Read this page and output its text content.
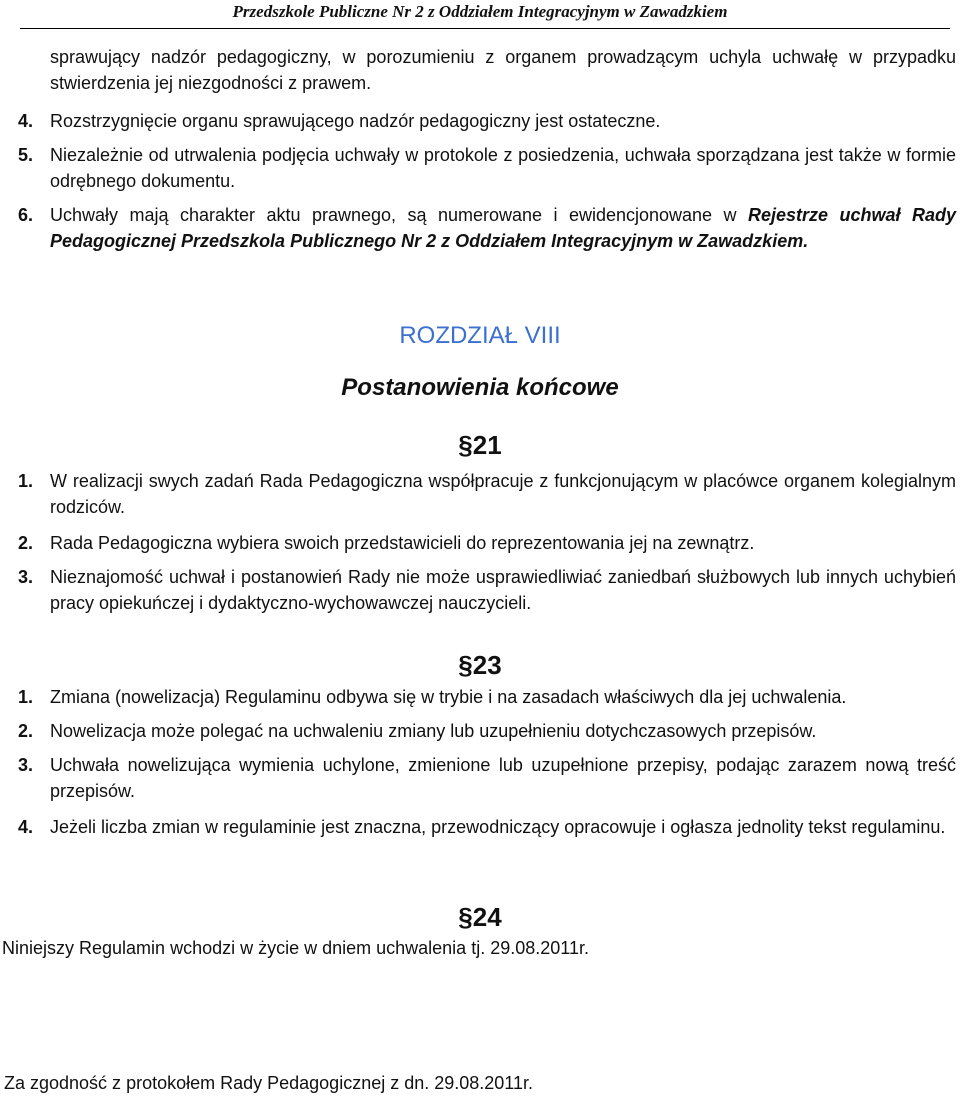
Przedszkole Publiczne Nr 2 z Oddziałem Integracyjnym w Zawadzkiem
sprawujący nadzór pedagogiczny, w porozumieniu z organem prowadzącym uchyla uchwałę w przypadku stwierdzenia jej niezgodności z prawem.
4. Rozstrzygnięcie organu sprawującego nadzór pedagogiczny jest ostateczne.
5. Niezależnie od utrwalenia podjęcia uchwały w protokole z posiedzenia, uchwała sporządzana jest także w formie odrębnego dokumentu.
6. Uchwały mają charakter aktu prawnego, są numerowane i ewidencjonowane w Rejestrze uchwał Rady Pedagogicznej Przedszkola Publicznego Nr 2 z Oddziałem Integracyjnym w Zawadzkiem.
ROZDZIAŁ VIII
Postanowienia końcowe
§21
1. W realizacji swych zadań Rada Pedagogiczna współpracuje z funkcjonującym w placówce organem kolegialnym rodziców.
2. Rada Pedagogiczna wybiera swoich przedstawicieli do reprezentowania jej na zewnątrz.
3. Nieznajomość uchwał i postanowień Rady nie może usprawiedliwiać zaniedbań służbowych lub innych uchybień pracy opiekuńczej i dydaktyczno-wychowawczej nauczycieli.
§23
1. Zmiana (nowelizacja) Regulaminu odbywa się w trybie i na zasadach właściwych dla jej uchwalenia.
2. Nowelizacja może polegać na uchwaleniu zmiany lub uzupełnieniu dotychczasowych przepisów.
3. Uchwała nowelizująca wymienia uchylone, zmienione lub uzupełnione przepisy, podając zarazem nową treść przepisów.
4. Jeżeli liczba zmian w regulaminie jest znaczna, przewodniczący opracowuje i ogłasza jednolity tekst regulaminu.
§24
Niniejszy Regulamin wchodzi w życie w dniem uchwalenia tj. 29.08.2011r.
Za zgodność z protokołem Rady Pedagogicznej z dn. 29.08.2011r.
